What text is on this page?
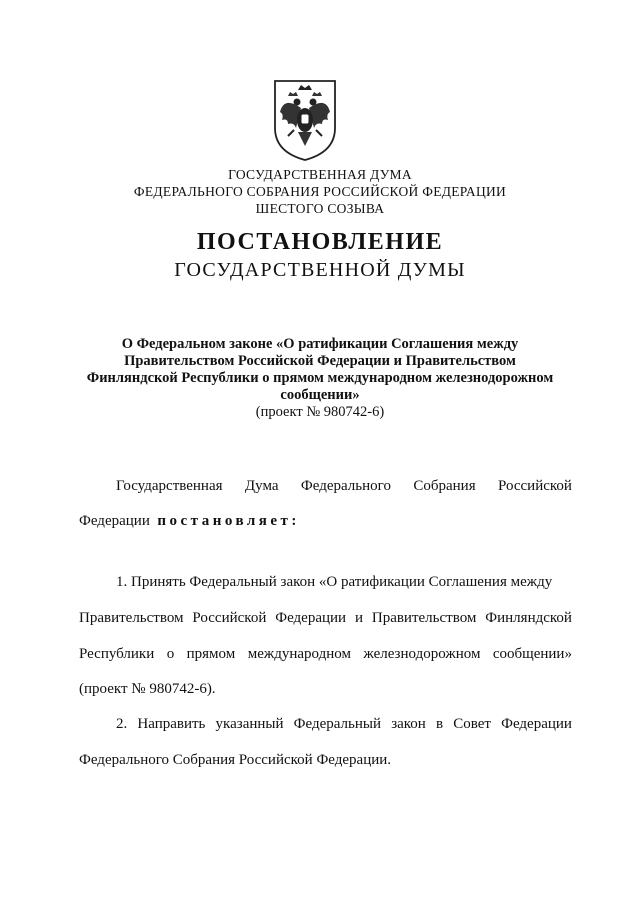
ГОСУДАРСТВЕННАЯ ДУМА
ФЕДЕРАЛЬНОГО СОБРАНИЯ РОССИЙСКОЙ ФЕДЕРАЦИИ
ШЕСТОГО СОЗЫВА
ПОСТАНОВЛЕНИЕ
ГОСУДАРСТВЕННОЙ ДУМЫ
О Федеральном законе «О ратификации Соглашения между
Правительством Российской Федерации и Правительством
Финляндской Республики о прямом международном железнодорожном
сообщении»
(проект № 980742-6)
Государственная Дума Федерального Собрания Российской
Федерации постановляет:
1. Принять Федеральный закон «О ратификации Соглашения между
Правительством Российской Федерации и Правительством Финляндской
Республики о прямом международном железнодорожном сообщении»
(проект № 980742-6).
2. Направить указанный Федеральный закон в Совет Федерации
Федерального Собрания Российской Федерации.
